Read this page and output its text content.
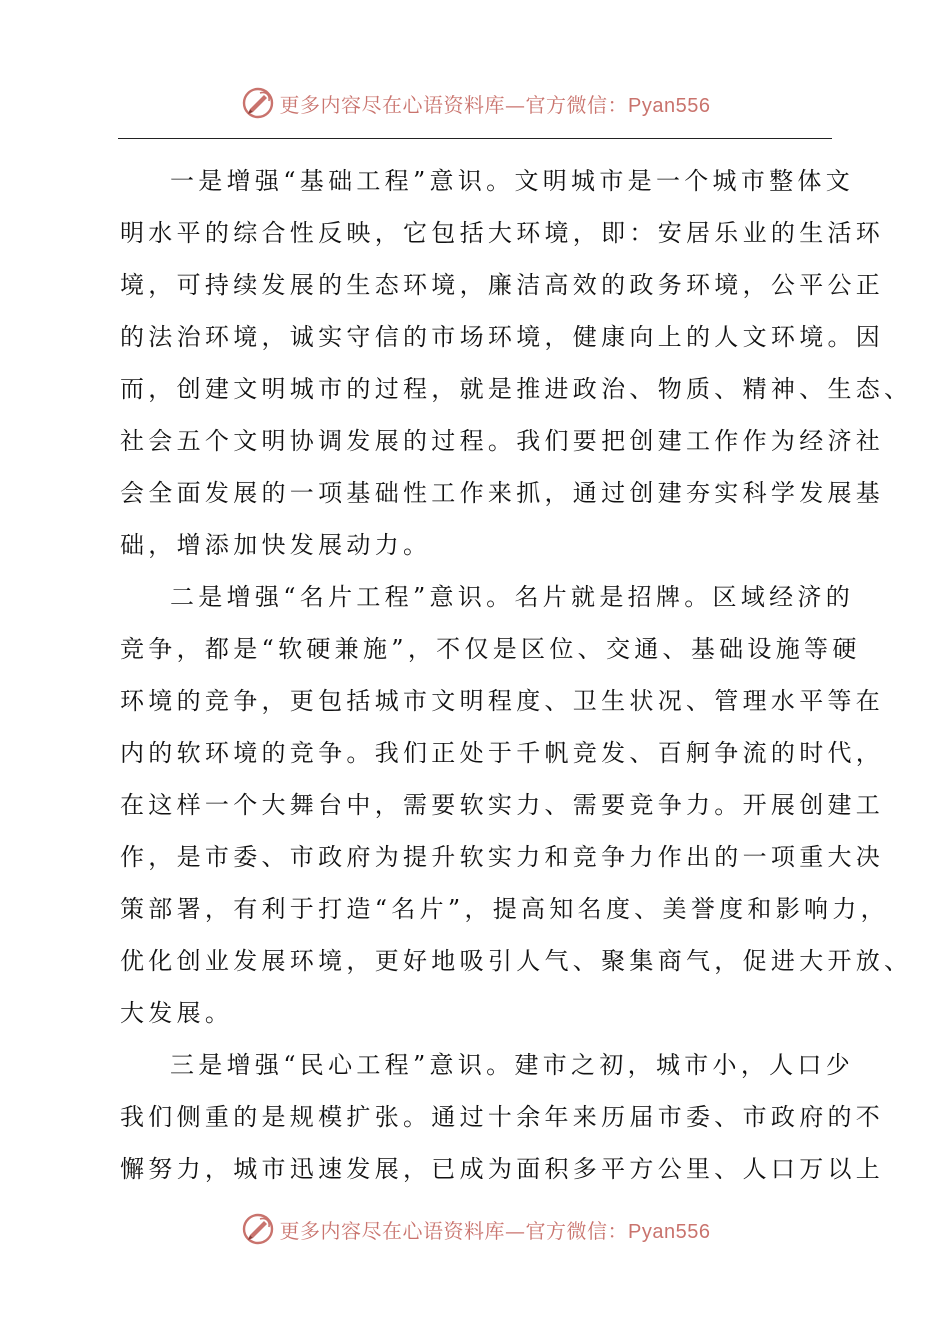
更多内容尽在心语资料库—官方微信：Pyan556
一是增强“基础工程”意识。文明城市是一个城市整体文
明水平的综合性反映，它包括大环境，即：安居乐业的生活环
境，可持续发展的生态环境，廉洁高效的政务环境，公平公正
的法治环境，诚实守信的市场环境，健康向上的人文环境。因
而，创建文明城市的过程，就是推进政治、物质、精神、生态、
社会五个文明协调发展的过程。我们要把创建工作作为经济社
会全面发展的一项基础性工作来抓，通过创建夯实科学发展基
础，增添加快发展动力。
二是增强“名片工程”意识。名片就是招牌。区域经济的
竞争，都是“软硬兼施”，不仅是区位、交通、基础设施等硬
环境的竞争，更包括城市文明程度、卫生状况、管理水平等在
内的软环境的竞争。我们正处于千帆竞发、百舸争流的时代，
在这样一个大舞台中，需要软实力、需要竞争力。开展创建工
作，是市委、市政府为提升软实力和竞争力作出的一项重大决
策部署，有利于打造“名片”，提高知名度、美誉度和影响力，
优化创业发展环境，更好地吸引人气、聚集商气，促进大开放、
大发展。
三是增强“民心工程”意识。建市之初，城市小，人口少
我们侧重的是规模扩张。通过十余年来历届市委、市政府的不
懈努力，城市迅速发展，已成为面积多平方公里、人口万以上
更多内容尽在心语资料库—官方微信：Pyan556
